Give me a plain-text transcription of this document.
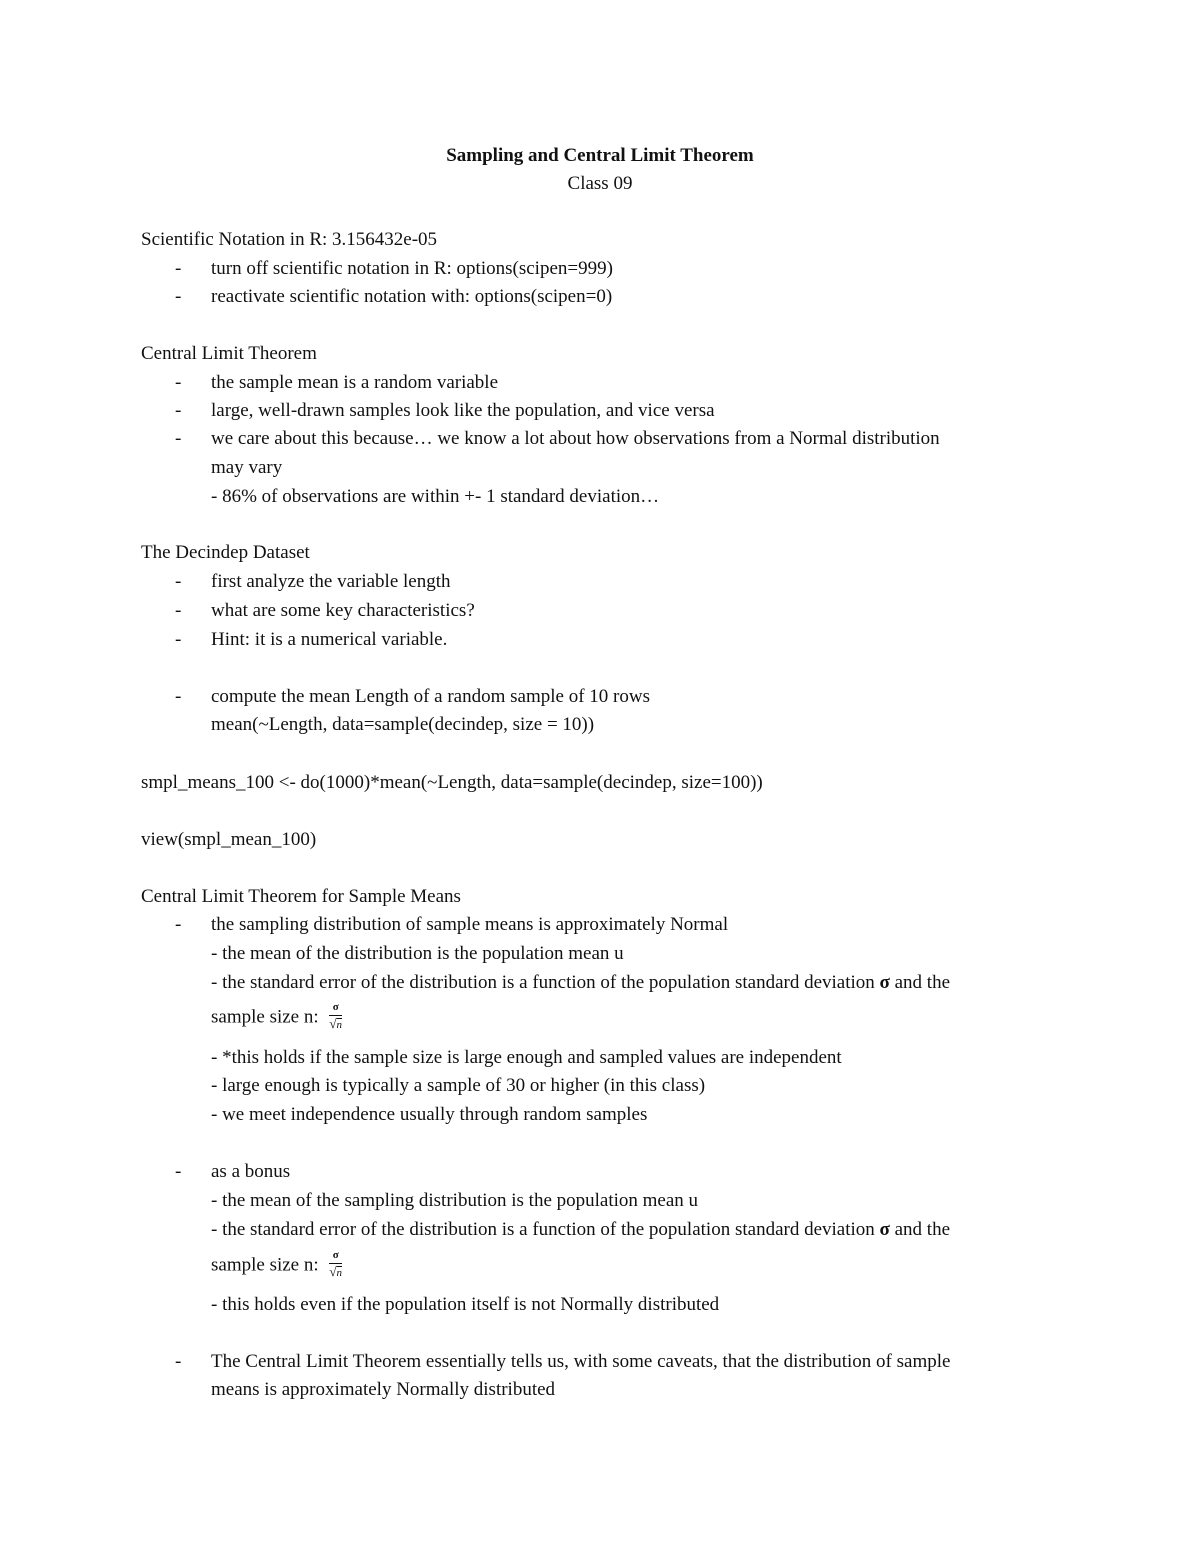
Sampling and Central Limit Theorem
Class 09
Scientific Notation in R: 3.156432e-05
- turn off scientific notation in R: options(scipen=999)
- reactivate scientific notation with: options(scipen=0)
Central Limit Theorem
- the sample mean is a random variable
- large, well-drawn samples look like the population, and vice versa
- we care about this because… we know a lot about how observations from a Normal distribution
may vary
- 86% of observations are within +- 1 standard deviation…
The Decindep Dataset
- first analyze the variable length
- what are some key characteristics?
- Hint: it is a numerical variable.
- compute the mean Length of a random sample of 10 rows
mean(~Length, data=sample(decindep, size = 10))
smpl_means_100 <- do(1000)*mean(~Length, data=sample(decindep, size=100))
view(smpl_mean_100)
Central Limit Theorem for Sample Means
- the sampling distribution of sample means is approximately Normal
- the mean of the distribution is the population mean u
- the standard error of the distribution is a function of the population standard deviation σ and the
sample size n: $\frac{\sigma}{√n}$
- *this holds if the sample size is large enough and sampled values are independent
- large enough is typically a sample of 30 or higher (in this class)
- we meet independence usually through random samples
- as a bonus
- the mean of the sampling distribution is the population mean u
- the standard error of the distribution is a function of the population standard deviation σ and the
sample size n: $\frac{\sigma}{√n}$
- this holds even if the population itself is not Normally distributed
- The Central Limit Theorem essentially tells us, with some caveats, that the distribution of sample
means is approximately Normally distributed
